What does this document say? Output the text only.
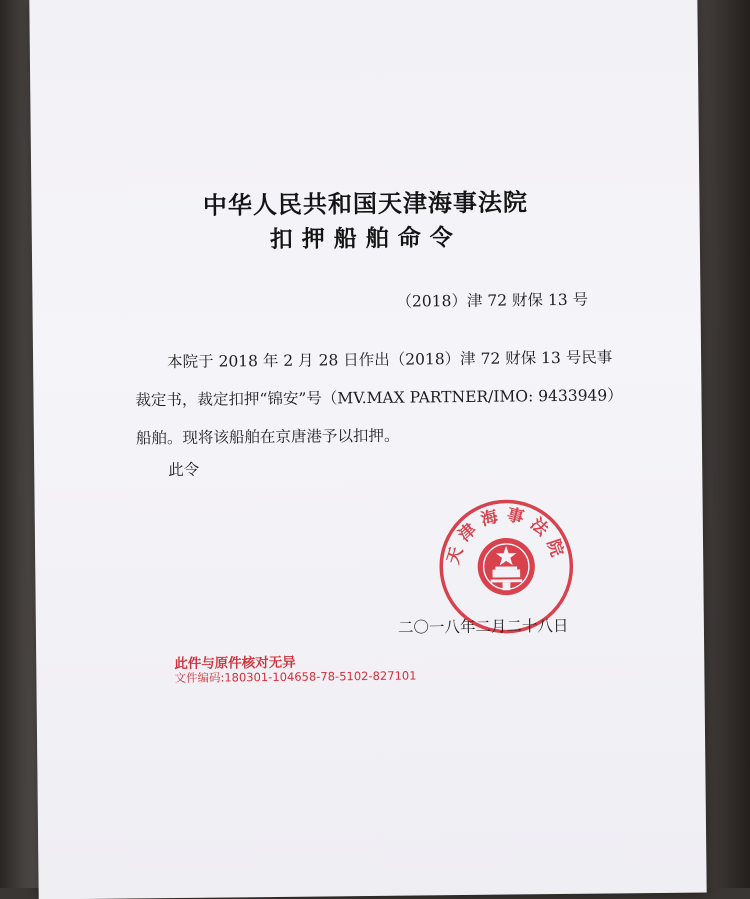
中华人民共和国天津海事法院
扣押船舶命令
（2018）津 72 财保 13 号
本院于 2018 年 2 月 28 日作出（2018）津 72 财保 13 号民事
裁定书，裁定扣押“锦安”号（MV.MAX PARTNER/IMO: 9433949）
船舶。现将该船舶在京唐港予以扣押。
此令
天津海事法院
二〇一八年二月二十八日
此件与原件核对无异
文件编码:180301-104658-78-5102-827101
